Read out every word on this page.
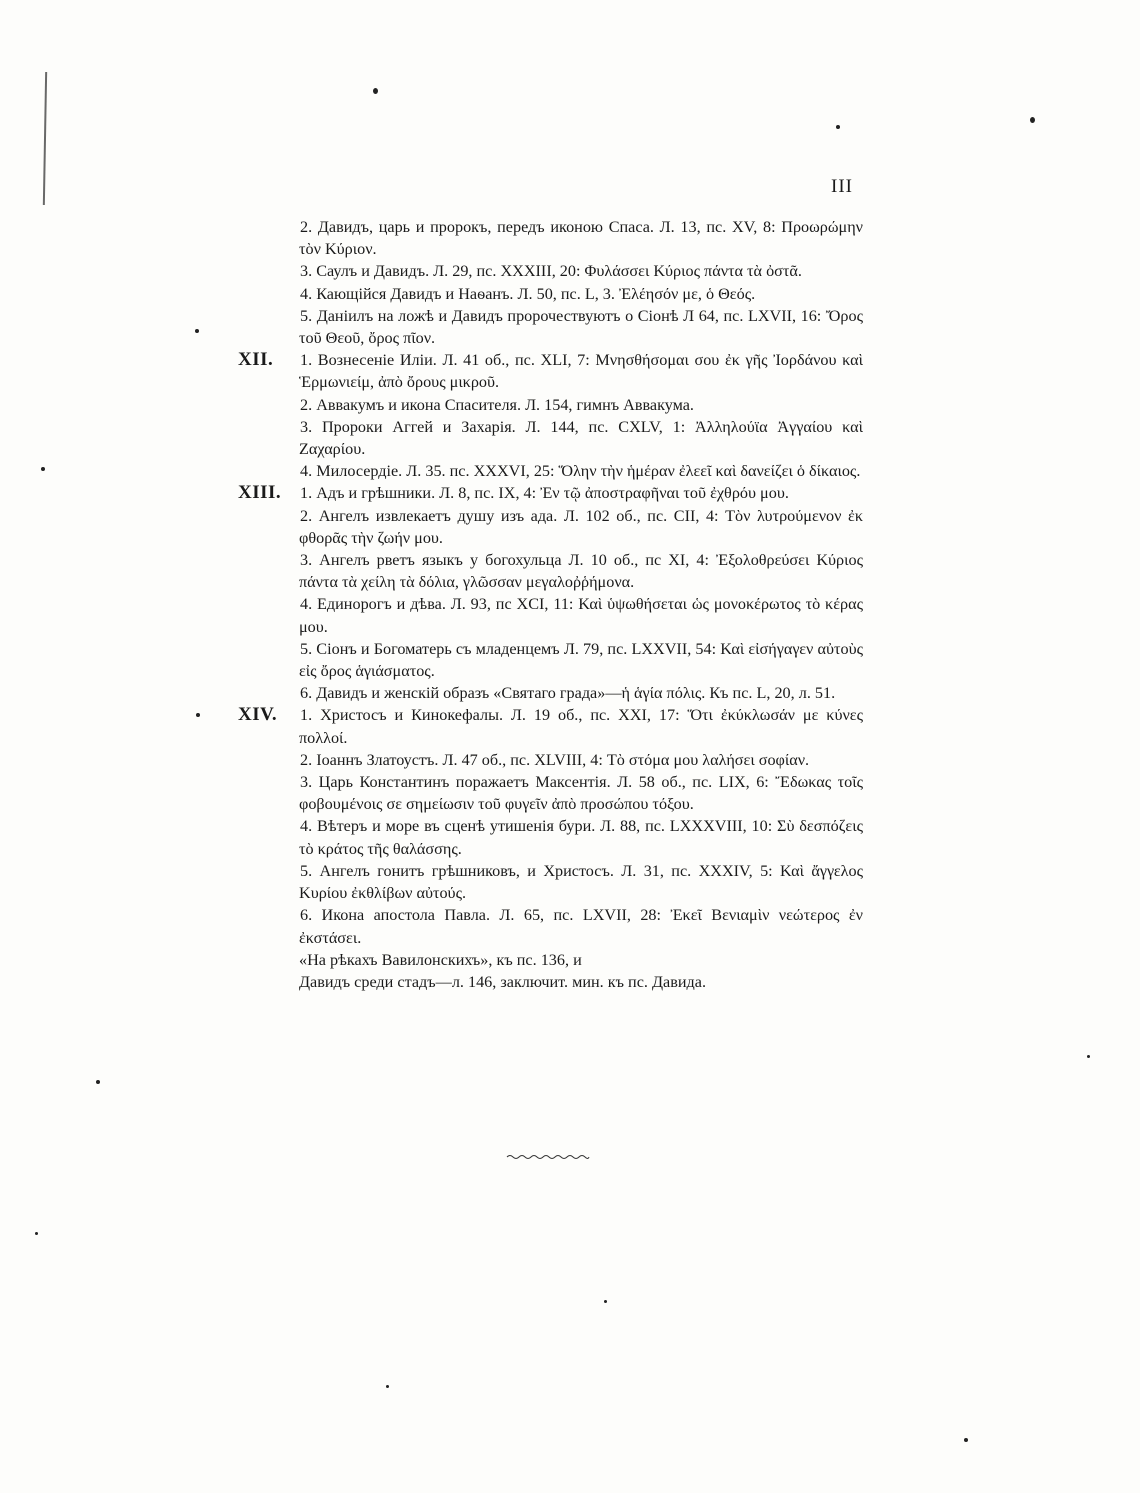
III

2. Давидъ, царь и пророкъ, передъ иконою Спаса. Л. 13, пс. XV, 8: Προωρώμην τὸν Κύριον.

3. Саулъ и Давидъ. Л. 29, пс. XXXIII, 20: Φυλάσσει Κύριος πάντα τὰ ὀστᾶ.

4. Кающійся Давидъ и Наѳанъ. Л. 50, пс. L, 3. Ἐλέησόν με, ὁ Θεός.

5. Даніилъ на ложѣ и Давидъ пророчествуютъ о Сіонѣ Л 64, пс. LXVII, 16: Ὄρος τοῦ Θεοῦ, ὄρος πῖον.

XII. 1. Вознесеніе Иліи. Л. 41 об., пс. XLI, 7: Μνησθήσομαι σου ἐκ γῆς Ἰορδάνου καὶ Ἑρμωνιείμ, ἀπὸ ὄρους μικροῦ.

2. Аввакумъ и икона Спасителя. Л. 154, гимнъ Аввакума.

3. Пророки Аггей и Захарія. Л. 144, пс. CXLV, 1: Ἀλληλούϊα Ἀγγαίου καὶ Ζαχαρίου.

4. Милосердіе. Л. 35. пс. XXXVI, 25: Ὅλην τὴν ἡμέραν ἐλεεῖ καὶ δανείζει ὁ δίκαιος.

XIII. 1. Адъ и грѣшники. Л. 8, пс. IX, 4: Ἐν τῷ ἀποστραφῆναι τοῦ ἐχθρόυ μου.

2. Ангелъ извлекаетъ душу изъ ада. Л. 102 об., пс. CII, 4: Τὸν λυτρούμενον ἐκ φθορᾶς τὴν ζωήν μου.

3. Ангелъ рветъ языкъ у богохульца Л. 10 об., пс XI, 4: Ἐξολοθρεύσει Κύριος πάντα τὰ χείλη τὰ δόλια, γλῶσσαν μεγαλοῤῥήμονα.

4. Единорогъ и дѣва. Л. 93, пс XCI, 11: Καὶ ὑψωθήσεται ὡς μονοκέρωτος τὸ κέρας μου.

5. Сіонъ и Богоматерь съ младенцемъ Л. 79, пс. LXXVII, 54: Καὶ εἰσήγαγεν αὐτοὺς εἰς ὄρος ἁγιάσματος.

6. Давидъ и женскій образъ «Святаго града»—ἡ ἁγία πόλις. Къ пс. L, 20, л. 51.

XIV. 1. Христосъ и Кинокефалы. Л. 19 об., пс. XXI, 17: Ὅτι ἐκύκλωσάν με κύνες πολλοί.

2. Іоаннъ Златоустъ. Л. 47 об., пс. XLVIII, 4: Τὸ στόμα μου λαλήσει σοφίαν.

3. Царь Константинъ поражаетъ Максентія. Л. 58 об., пс. LIX, 6: Ἔδωκας τοῖς φοβουμένοις σε σημείωσιν τοῦ φυγεῖν ἀπὸ προσώπου τόξου.

4. Вѣтеръ и море въ сценѣ утишенія бури. Л. 88, пс. LXXXVIII, 10: Σὺ δεσπόζεις τὸ κράτος τῆς θαλάσσης.

5. Ангелъ гонитъ грѣшниковъ, и Христосъ. Л. 31, пс. XXXIV, 5: Καὶ ἄγγελος Κυρίου ἐκθλίβων αὐτούς.

6. Икона апостола Павла. Л. 65, пс. LXVII, 28: Ἐκεῖ Βενιαμὶν νεώτερος ἐν ἐκστάσει.

«На рѣкахъ Вавилонскихъ», къ пс. 136, и
Давидъ среди стадъ—л. 146, заключит. мин. къ пс. Давида.
